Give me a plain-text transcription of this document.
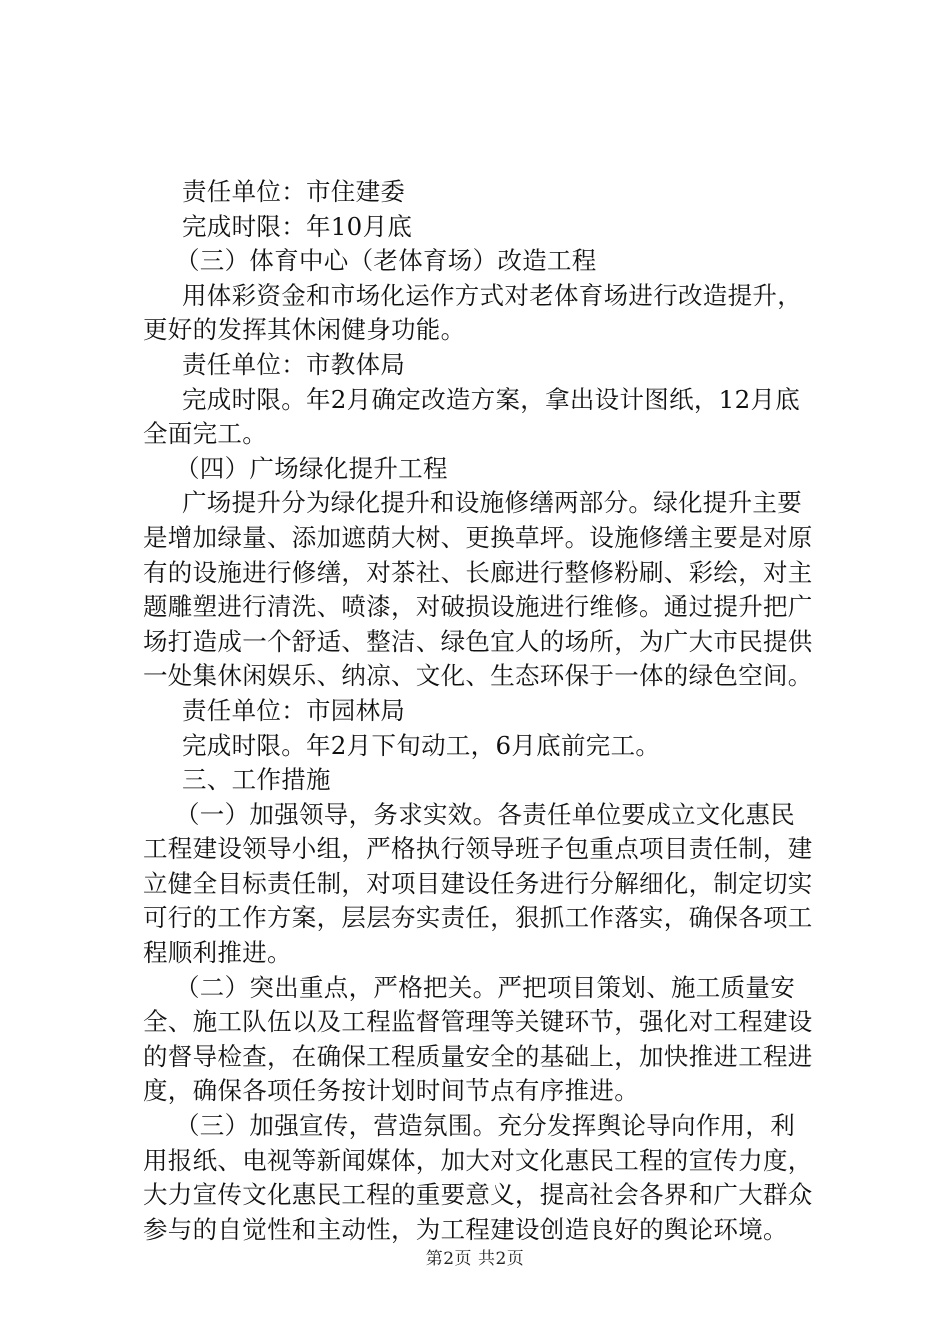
责任单位：市住建委
完成时限：年10月底
（三）体育中心（老体育场）改造工程
用体彩资金和市场化运作方式对老体育场进行改造提升，
更好的发挥其休闲健身功能。
责任单位：市教体局
完成时限。年2月确定改造方案，拿出设计图纸，12月底
全面完工。
（四）广场绿化提升工程
广场提升分为绿化提升和设施修缮两部分。绿化提升主要
是增加绿量、添加遮荫大树、更换草坪。设施修缮主要是对原
有的设施进行修缮，对茶社、长廊进行整修粉刷、彩绘，对主
题雕塑进行清洗、喷漆，对破损设施进行维修。通过提升把广
场打造成一个舒适、整洁、绿色宜人的场所，为广大市民提供
一处集休闲娱乐、纳凉、文化、生态环保于一体的绿色空间。
责任单位：市园林局
完成时限。年2月下旬动工，6月底前完工。
三、工作措施
（一）加强领导，务求实效。各责任单位要成立文化惠民
工程建设领导小组，严格执行领导班子包重点项目责任制，建
立健全目标责任制，对项目建设任务进行分解细化，制定切实
可行的工作方案，层层夯实责任，狠抓工作落实，确保各项工
程顺利推进。
（二）突出重点，严格把关。严把项目策划、施工质量安
全、施工队伍以及工程监督管理等关键环节，强化对工程建设
的督导检查，在确保工程质量安全的基础上，加快推进工程进
度，确保各项任务按计划时间节点有序推进。
（三）加强宣传，营造氛围。充分发挥舆论导向作用，利
用报纸、电视等新闻媒体，加大对文化惠民工程的宣传力度，
大力宣传文化惠民工程的重要意义，提高社会各界和广大群众
参与的自觉性和主动性，为工程建设创造良好的舆论环境。
第2页 共2页
